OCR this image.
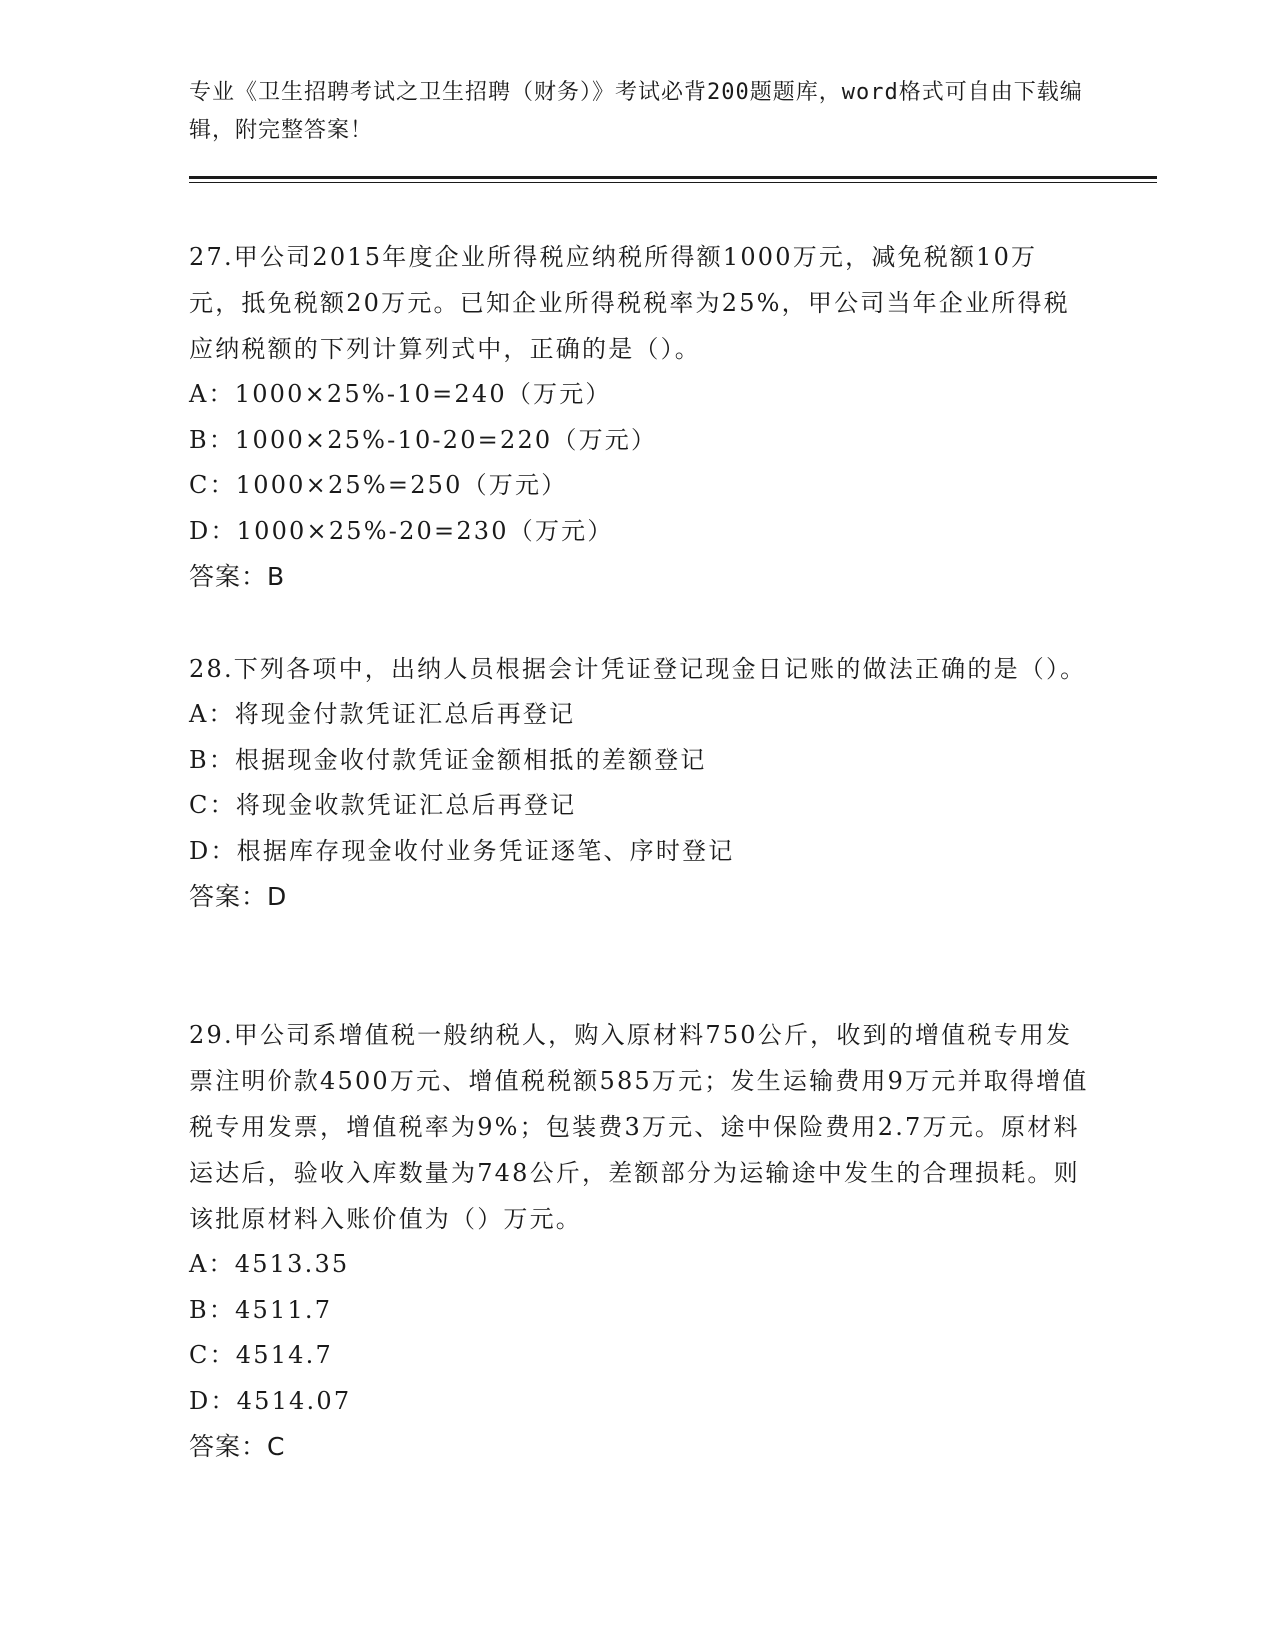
专业《卫生招聘考试之卫生招聘（财务）》考试必背200题题库，word格式可自由下载编辑，附完整答案！
27.甲公司2015年度企业所得税应纳税所得额1000万元，减免税额10万元，抵免税额20万元。已知企业所得税税率为25%，甲公司当年企业所得税应纳税额的下列计算列式中，正确的是（）。
A：1000×25%-10=240（万元）
B：1000×25%-10-20=220（万元）
C：1000×25%=250（万元）
D：1000×25%-20=230（万元）
答案：B
28.下列各项中，出纳人员根据会计凭证登记现金日记账的做法正确的是（）。
A：将现金付款凭证汇总后再登记
B：根据现金收付款凭证金额相抵的差额登记
C：将现金收款凭证汇总后再登记
D：根据库存现金收付业务凭证逐笔、序时登记
答案：D
29.甲公司系增值税一般纳税人，购入原材料750公斤，收到的增值税专用发票注明价款4500万元、增值税税额585万元；发生运输费用9万元并取得增值税专用发票，增值税率为9%；包装费3万元、途中保险费用2.7万元。原材料运达后，验收入库数量为748公斤，差额部分为运输途中发生的合理损耗。则该批原材料入账价值为（）万元。
A：4513.35
B：4511.7
C：4514.7
D：4514.07
答案：C
